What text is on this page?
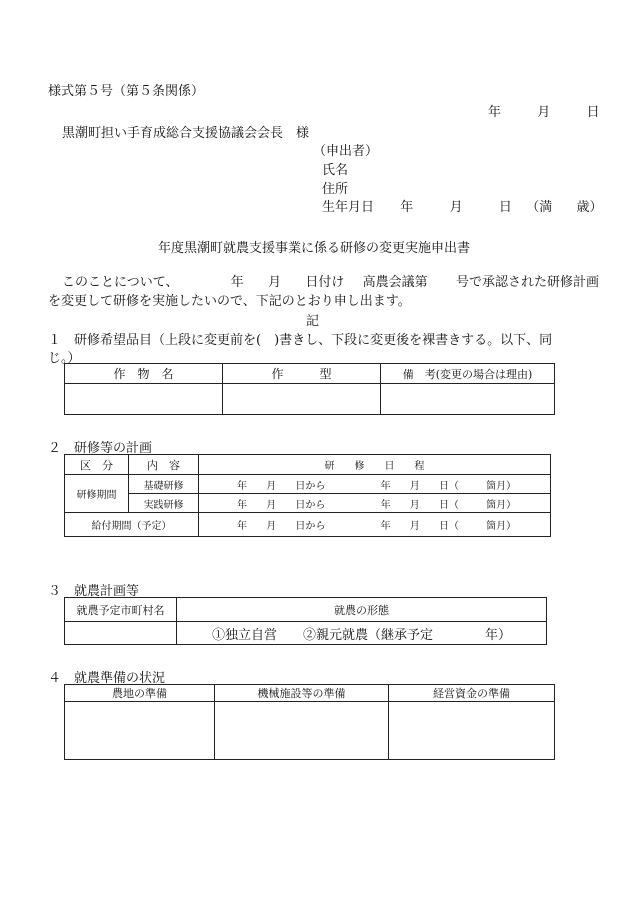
様式第５号（第５条関係）
年	月	日
黒潮町担い手育成総合支援協議会会長　様
（申出者）
氏名
住所
生年月日 年	月	日 （満 歳）
年度黒潮町就農支援事業に係る研修の変更実施申出書
このことについて、	年 月 日付け 高農会議第 号で承認された研修計画
を変更して研修を実施したいので、下記のとおり申し出ます。
記
１　研修希望品目（上段に変更前を(　)書きし、下段に変更後を裸書きする。以下、同
じ。）
作　物　名	作　　　型	備　考(変更の場合は理由)

２　研修等の計画
区　分	内　容	研　　修　　日　　程
研修期間	基礎研修	年 月 日から 年 月 日（ 箇月）
	実践研修	年 月 日から 年 月 日（ 箇月）
給付期間（予定）		年 月 日から 年 月 日（ 箇月）
３　就農計画等
就農予定市町村名	就農の形態
	①独立自営　　②親元就農（継承予定　　　　年）
４　就農準備の状況
農地の準備	機械施設等の準備	経営資金の準備
